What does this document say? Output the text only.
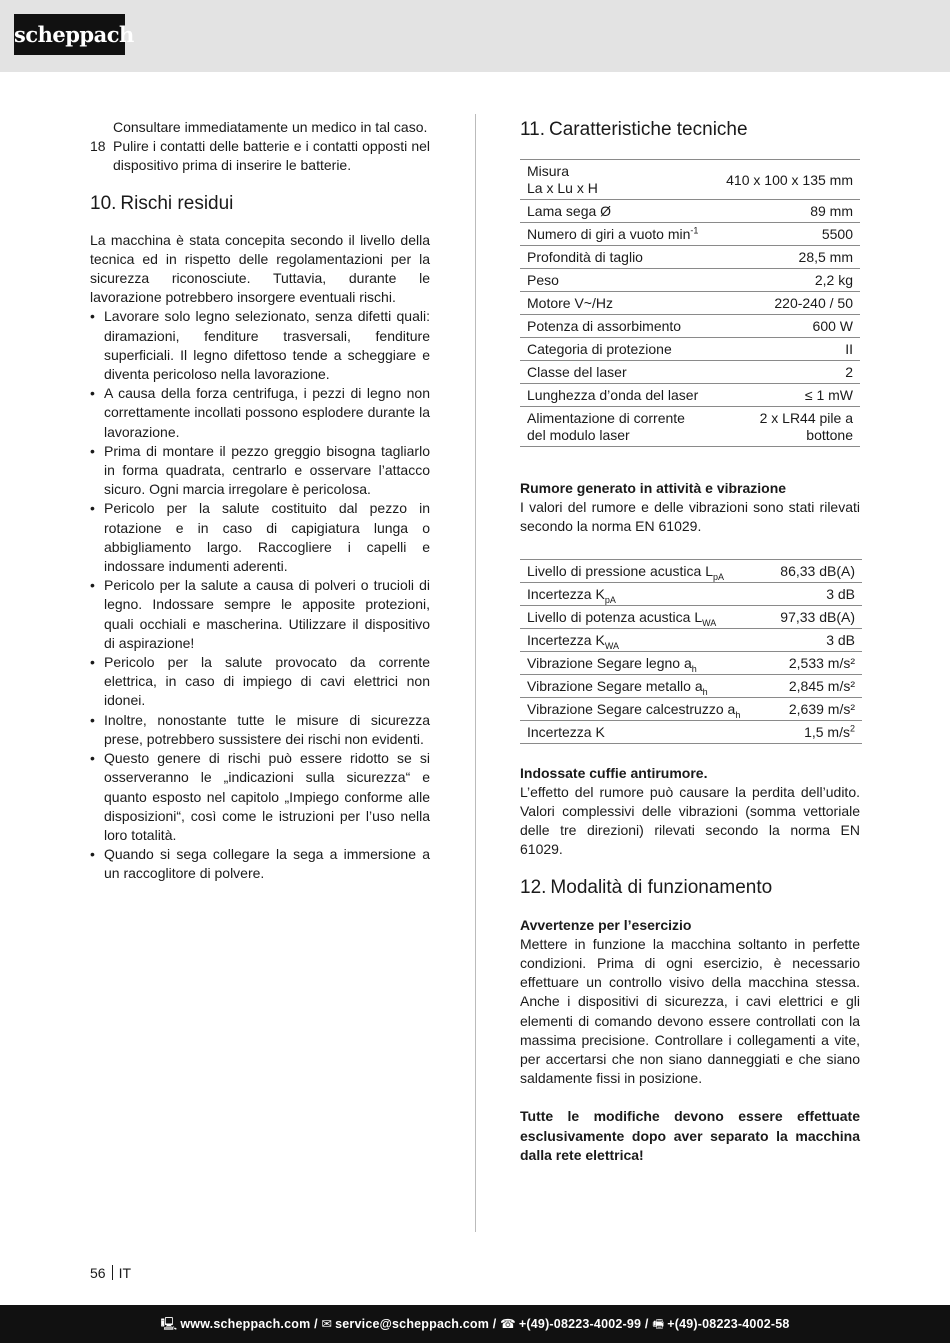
scheppach
Consultare immediatamente un medico in tal caso.
18 Pulire i contatti delle batterie e i contatti opposti nel dispositivo prima di inserire le batterie.
10. Rischi residui

La macchina è stata concepita secondo il livello della tecnica ed in rispetto delle regolamentazioni per la sicurezza riconosciute. Tuttavia, durante le lavorazione potrebbero insorgere eventuali rischi.

• Lavorare solo legno selezionato, senza difetti quali: diramazioni, fenditure trasversali, fenditure superficiali. Il legno difettoso tende a scheggiare e diventa pericoloso nella lavorazione.
• A causa della forza centrifuga, i pezzi di legno non correttamente incollati possono esplodere durante la lavorazione.
• Prima di montare il pezzo greggio bisogna tagliarlo in forma quadrata, centrarlo e osservare l’attacco sicuro. Ogni marcia irregolare è pericolosa.
• Pericolo per la salute costituito dal pezzo in rotazione e in caso di capigiatura lunga o abbigliamento largo. Raccogliere i capelli e indossare indumenti aderenti.
• Pericolo per la salute a causa di polveri o trucioli di legno. Indossare sempre le apposite protezioni, quali occhiali e mascherina. Utilizzare il dispositivo di aspirazione!
• Pericolo per la salute provocato da corrente elettrica, in caso di impiego di cavi elettrici non idonei.
• Inoltre, nonostante tutte le misure di sicurezza prese, potrebbero sussistere dei rischi non evidenti.
• Questo genere di rischi può essere ridotto se si osserveranno le „indicazioni sulla sicurezza“ e quanto esposto nel capitolo „Impiego conforme alle disposizioni“, così come le istruzioni per l’uso nella loro totalità.
• Quando si sega collegare la sega a immersione a un raccoglitore di polvere.
11. Caratteristiche tecniche
Misura
La x Lu x H	410 x 100 x 135 mm
Lama sega Ø	89 mm
Numero di giri a vuoto $\min^{-1}$	5500
Profondità di taglio	28,5 mm
Peso	2,2 kg
Motore V~/Hz	220-240 / 50
Potenza di assorbimento	600 W
Categoria di protezione	II
Classe del laser	2
Lunghezza d’onda del laser	≤ 1 mW
Alimentazione di corrente
del modulo laser	2 x LR44 pile a
bottone

Rumore generato in attività e vibrazione

I valori del rumore e delle vibrazioni sono stati rilevati secondo la norma EN 61029.

Livello di pressione acustica $L_{pA}$	86,33 dB(A)
Incertezza $K_{pA}$	3 dB
Livello di potenza acustica $L_{WA}$	97,33 dB(A)
Incertezza $K_{WA}$	3 dB
Vibrazione Segare legno $a_h$	2,533 m/s²
Vibrazione Segare metallo $a_h$	2,845 m/s²
Vibrazione Segare calcestruzzo $a_h$	2,639 m/s²
Incertezza K	1,5 $m/s^2$

Indossate cuffie antirumore.

L’effetto del rumore può causare la perdita dell’udito. Valori complessivi delle vibrazioni (somma vettoriale delle tre direzioni) rilevati secondo la norma EN 61029.

12. Modalità di funzionamento

Avvertenze per l’esercizio

Mettere in funzione la macchina soltanto in perfette condizioni. Prima di ogni esercizio, è necessario effettuare un controllo visivo della macchina stessa. Anche i dispositivi di sicurezza, i cavi elettrici e gli elementi di comando devono essere controllati con la massima precisione. Controllare i collegamenti a vite, per accertarsi che non siano danneggiati e che siano saldamente fissi in posizione.

Tutte le modifiche devono essere effettuate esclusivamente dopo aver separato la macchina dalla rete elettrica!

56 IT
🖳 www.scheppach.com / ✉ service@scheppach.com / ☎ +(49)-08223-4002-99 / 🖷 +(49)-08223-4002-58
